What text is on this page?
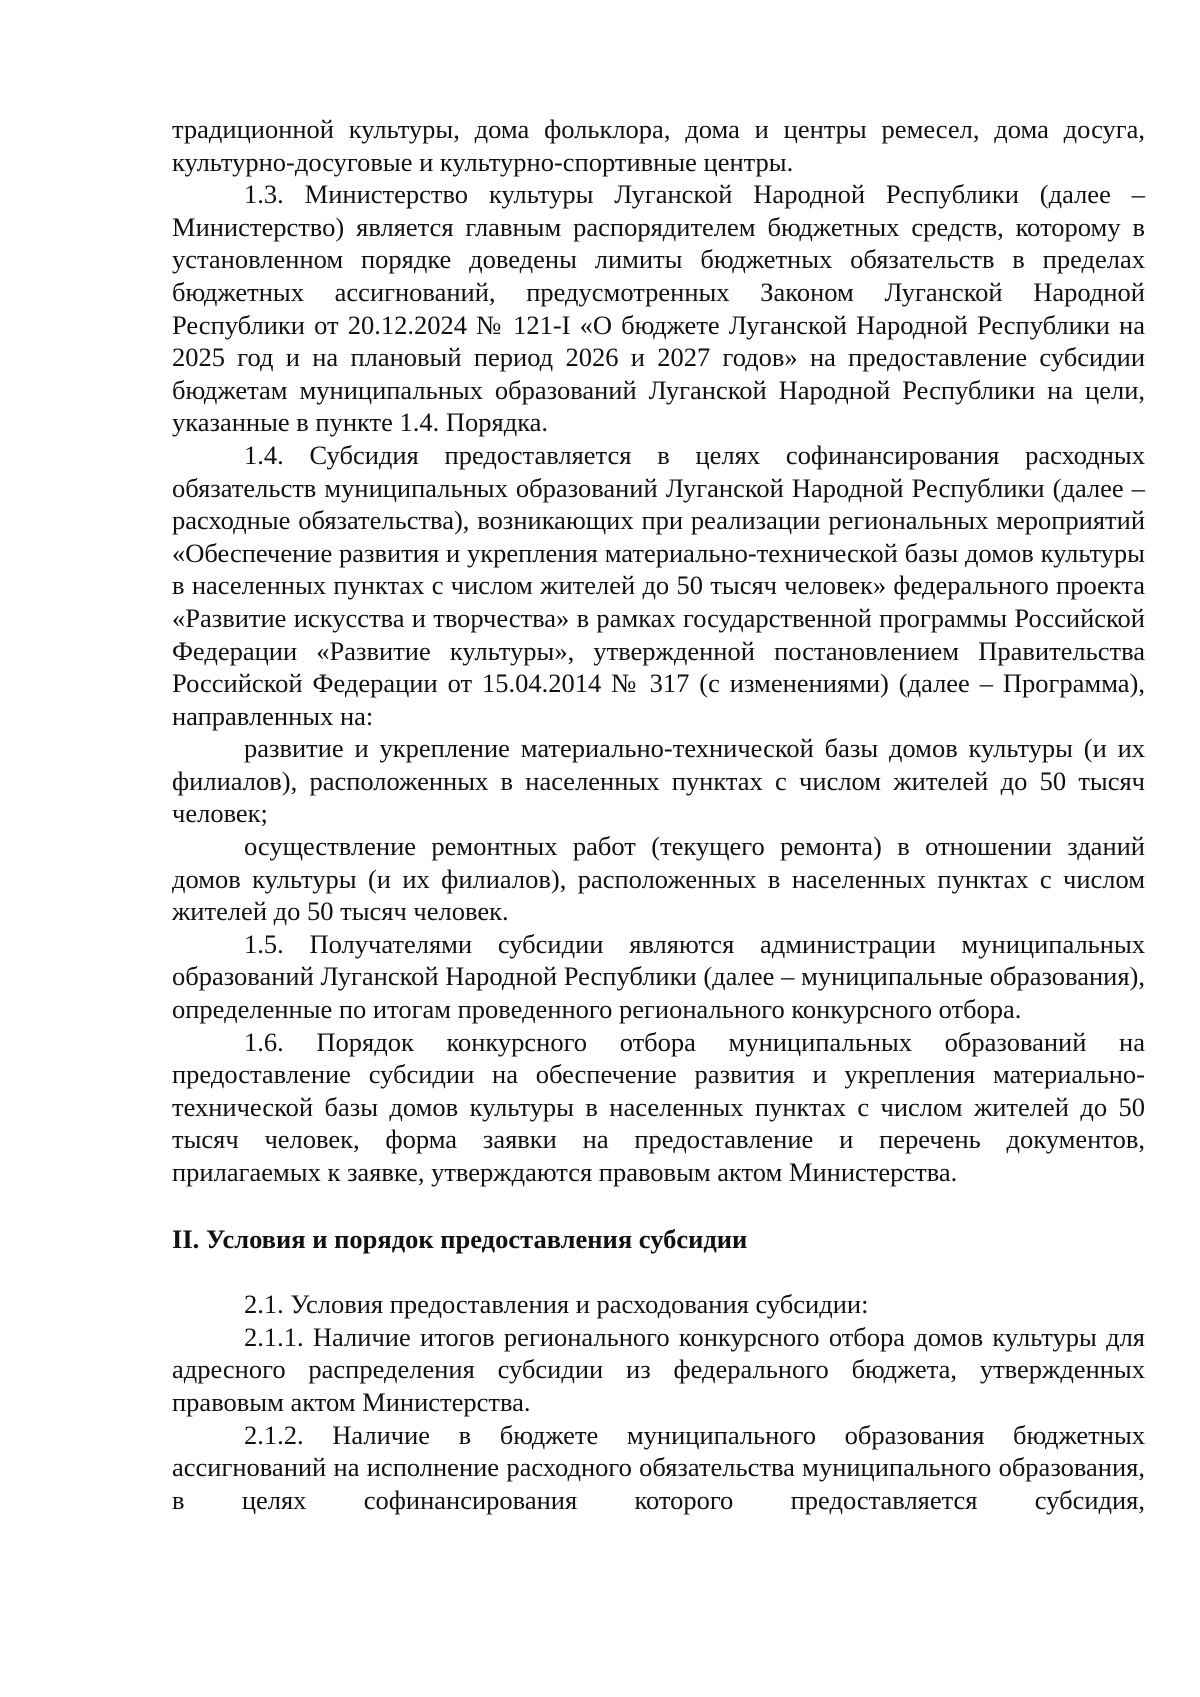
традиционной культуры, дома фольклора, дома и центры ремесел, дома досуга, культурно-досуговые и культурно-спортивные центры.

1.3. Министерство культуры Луганской Народной Республики (далее – Министерство) является главным распорядителем бюджетных средств, которому в установленном порядке доведены лимиты бюджетных обязательств в пределах бюджетных ассигнований, предусмотренных Законом Луганской Народной Республики от 20.12.2024 № 121-I «О бюджете Луганской Народной Республики на 2025 год и на плановый период 2026 и 2027 годов» на предоставление субсидии бюджетам муниципальных образований Луганской Народной Республики на цели, указанные в пункте 1.4. Порядка.

1.4. Субсидия предоставляется в целях софинансирования расходных обязательств муниципальных образований Луганской Народной Республики (далее – расходные обязательства), возникающих при реализации региональных мероприятий «Обеспечение развития и укрепления материально-технической базы домов культуры в населенных пунктах с числом жителей до 50 тысяч человек» федерального проекта «Развитие искусства и творчества» в рамках государственной программы Российской Федерации «Развитие культуры», утвержденной постановлением Правительства Российской Федерации от 15.04.2014 № 317 (с изменениями) (далее – Программа), направленных на:

развитие и укрепление материально-технической базы домов культуры (и их филиалов), расположенных в населенных пунктах с числом жителей до 50 тысяч человек;

осуществление ремонтных работ (текущего ремонта) в отношении зданий домов культуры (и их филиалов), расположенных в населенных пунктах с числом жителей до 50 тысяч человек.

1.5. Получателями субсидии являются администрации муниципальных образований Луганской Народной Республики (далее – муниципальные образования), определенные по итогам проведенного регионального конкурсного отбора.

1.6. Порядок конкурсного отбора муниципальных образований на предоставление субсидии на обеспечение развития и укрепления материально-технической базы домов культуры в населенных пунктах с числом жителей до 50 тысяч человек, форма заявки на предоставление и перечень документов, прилагаемых к заявке, утверждаются правовым актом Министерства.

II. Условия и порядок предоставления субсидии

2.1. Условия предоставления и расходования субсидии:

2.1.1. Наличие итогов регионального конкурсного отбора домов культуры для адресного распределения субсидии из федерального бюджета, утвержденных правовым актом Министерства.

2.1.2. Наличие в бюджете муниципального образования бюджетных ассигнований на исполнение расходного обязательства муниципального образования, в целях софинансирования которого предоставляется субсидия,
